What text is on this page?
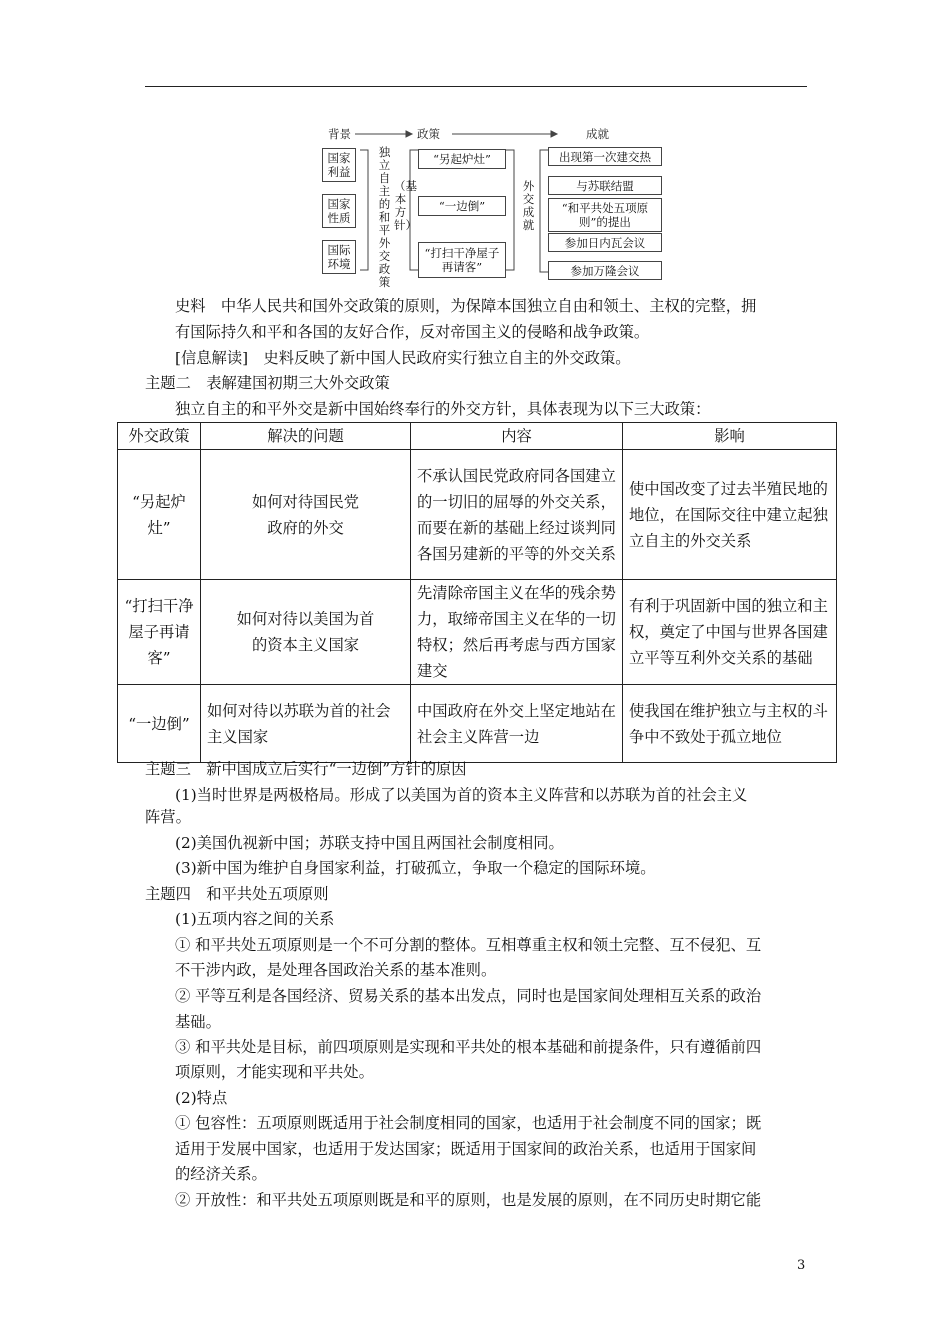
背景	政策	成就
国家利益
国家性质
国际环境
独立自主的和平外交政策
（基本方针）
“另起炉灶”
“一边倒”
“打扫干净屋子再请客”
外交成就
出现第一次建交热
与苏联结盟
“和平共处五项原则”的提出
参加日内瓦会议
参加万隆会议
史料　中华人民共和国外交政策的原则，为保障本国独立自由和领土、主权的完整，拥
有国际持久和平和各国的友好合作，反对帝国主义的侵略和战争政策。
[信息解读]　史料反映了新中国人民政府实行独立自主的外交政策。
主题二　表解建国初期三大外交政策
独立自主的和平外交是新中国始终奉行的外交方针，具体表现为以下三大政策：
外交政策	解决的问题	内容	影响
“另起炉灶”	如何对待国民党政府的外交	不承认国民党政府同各国建立的一切旧的屈辱的外交关系，而要在新的基础上经过谈判同各国另建新的平等的外交关系	使中国改变了过去半殖民地的地位，在国际交往中建立起独立自主的外交关系
“打扫干净屋子再请客”	如何对待以美国为首的资本主义国家	先清除帝国主义在华的残余势力，取缔帝国主义在华的一切特权；然后再考虑与西方国家建交	有利于巩固新中国的独立和主权，奠定了中国与世界各国建立平等互利外交关系的基础
“一边倒”	如何对待以苏联为首的社会主义国家	中国政府在外交上坚定地站在社会主义阵营一边	使我国在维护独立与主权的斗争中不致处于孤立地位
主题三　新中国成立后实行“一边倒”方针的原因
(1)当时世界是两极格局。形成了以美国为首的资本主义阵营和以苏联为首的社会主义
阵营。
(2)美国仇视新中国；苏联支持中国且两国社会制度相同。
(3)新中国为维护自身国家利益，打破孤立，争取一个稳定的国际环境。
主题四　和平共处五项原则
(1)五项内容之间的关系
① 和平共处五项原则是一个不可分割的整体。互相尊重主权和领土完整、互不侵犯、互
不干涉内政，是处理各国政治关系的基本准则。
② 平等互利是各国经济、贸易关系的基本出发点，同时也是国家间处理相互关系的政治
基础。
③ 和平共处是目标，前四项原则是实现和平共处的根本基础和前提条件，只有遵循前四
项原则，才能实现和平共处。
(2)特点
① 包容性：五项原则既适用于社会制度相同的国家，也适用于社会制度不同的国家；既
适用于发展中国家，也适用于发达国家；既适用于国家间的政治关系，也适用于国家间
的经济关系。
② 开放性：和平共处五项原则既是和平的原则，也是发展的原则，在不同历史时期它能
3
